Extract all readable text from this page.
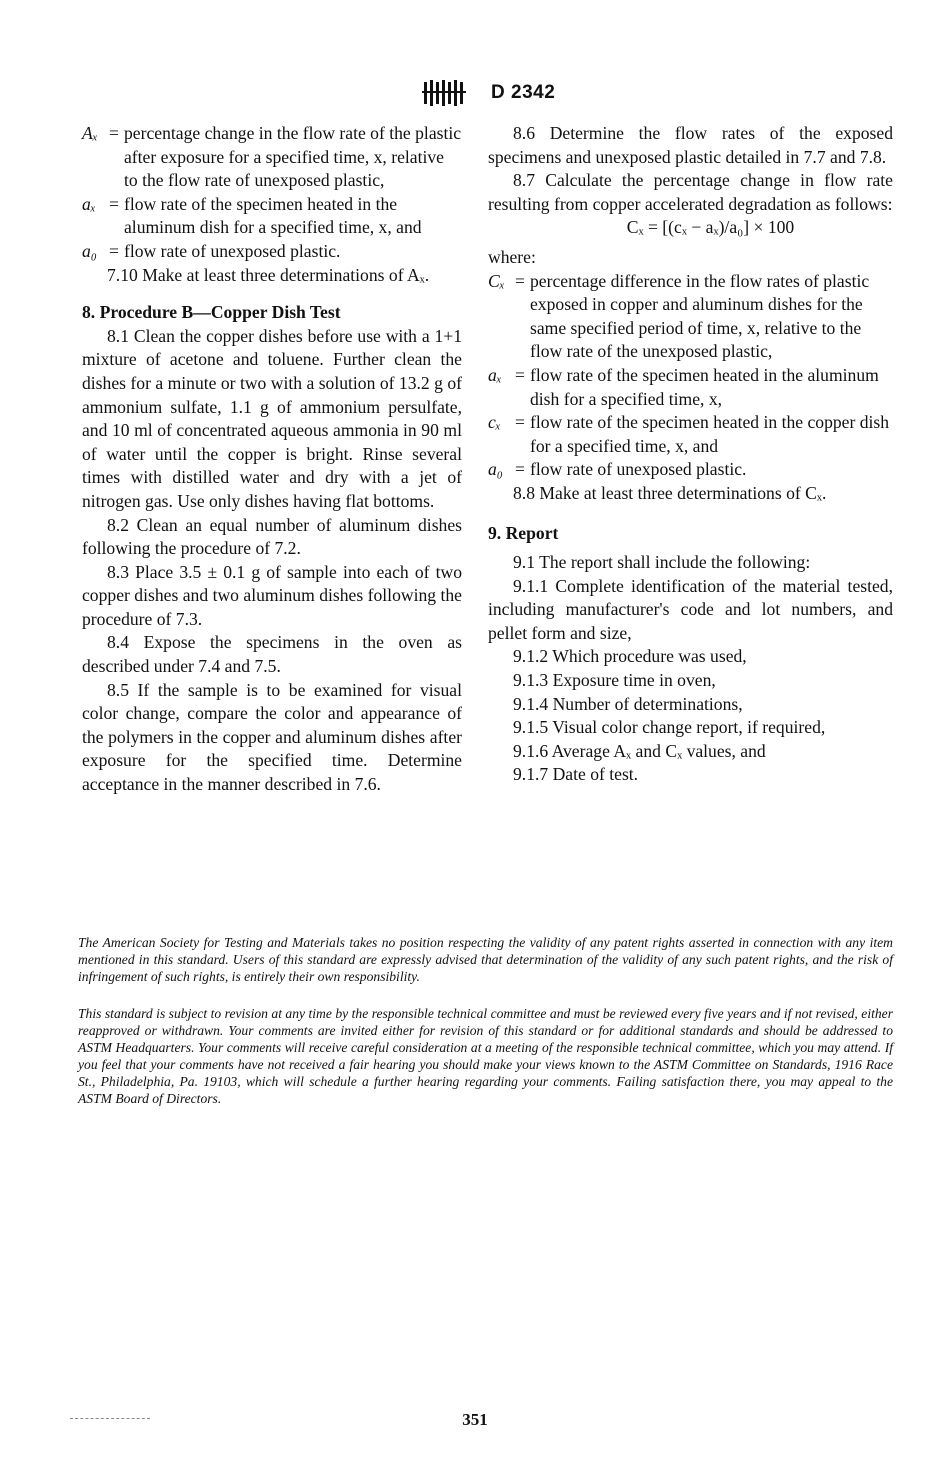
D 2342
Aₓ	=	percentage change in the flow rate of the plastic after exposure for a specified time, x, relative to the flow rate of unexposed plastic,
aₓ	=	flow rate of the specimen heated in the aluminum dish for a specified time, x, and
a₀	=	flow rate of unexposed plastic.

7.10 Make at least three determinations of Aₓ.

8. Procedure B—Copper Dish Test

8.1 Clean the copper dishes before use with a 1+1 mixture of acetone and toluene. Further clean the dishes for a minute or two with a solution of 13.2 g of ammonium sulfate, 1.1 g of ammonium persulfate, and 10 ml of concentrated aqueous ammonia in 90 ml of water until the copper is bright. Rinse several times with distilled water and dry with a jet of nitrogen gas. Use only dishes having flat bottoms.

8.2 Clean an equal number of aluminum dishes following the procedure of 7.2.

8.3 Place 3.5 ± 0.1 g of sample into each of two copper dishes and two aluminum dishes following the procedure of 7.3.

8.4 Expose the specimens in the oven as described under 7.4 and 7.5.

8.5 If the sample is to be examined for visual color change, compare the color and appearance of the polymers in the copper and aluminum dishes after exposure for the specified time. Determine acceptance in the manner described in 7.6.

8.6 Determine the flow rates of the exposed specimens and unexposed plastic detailed in 7.7 and 7.8.

8.7 Calculate the percentage change in flow rate resulting from copper accelerated degradation as follows:

Cₓ = [(cₓ − aₓ)/a₀] × 100

where:

Cₓ	=	percentage difference in the flow rates of plastic exposed in copper and aluminum dishes for the same specified period of time, x, relative to the flow rate of the unexposed plastic,
aₓ	=	flow rate of the specimen heated in the aluminum dish for a specified time, x,
cₓ	=	flow rate of the specimen heated in the copper dish for a specified time, x, and
a₀	=	flow rate of unexposed plastic.

8.8 Make at least three determinations of Cₓ.

9. Report

9.1 The report shall include the following:

9.1.1 Complete identification of the material tested, including manufacturer's code and lot numbers, and pellet form and size,

9.1.2 Which procedure was used,

9.1.3 Exposure time in oven,

9.1.4 Number of determinations,

9.1.5 Visual color change report, if required,

9.1.6 Average Aₓ and Cₓ values, and

9.1.7 Date of test.

The American Society for Testing and Materials takes no position respecting the validity of any patent rights asserted in connection with any item mentioned in this standard. Users of this standard are expressly advised that determination of the validity of any such patent rights, and the risk of infringement of such rights, is entirely their own responsibility.

This standard is subject to revision at any time by the responsible technical committee and must be reviewed every five years and if not revised, either reapproved or withdrawn. Your comments are invited either for revision of this standard or for additional standards and should be addressed to ASTM Headquarters. Your comments will receive careful consideration at a meeting of the responsible technical committee, which you may attend. If you feel that your comments have not received a fair hearing you should make your views known to the ASTM Committee on Standards, 1916 Race St., Philadelphia, Pa. 19103, which will schedule a further hearing regarding your comments. Failing satisfaction there, you may appeal to the ASTM Board of Directors.

351
